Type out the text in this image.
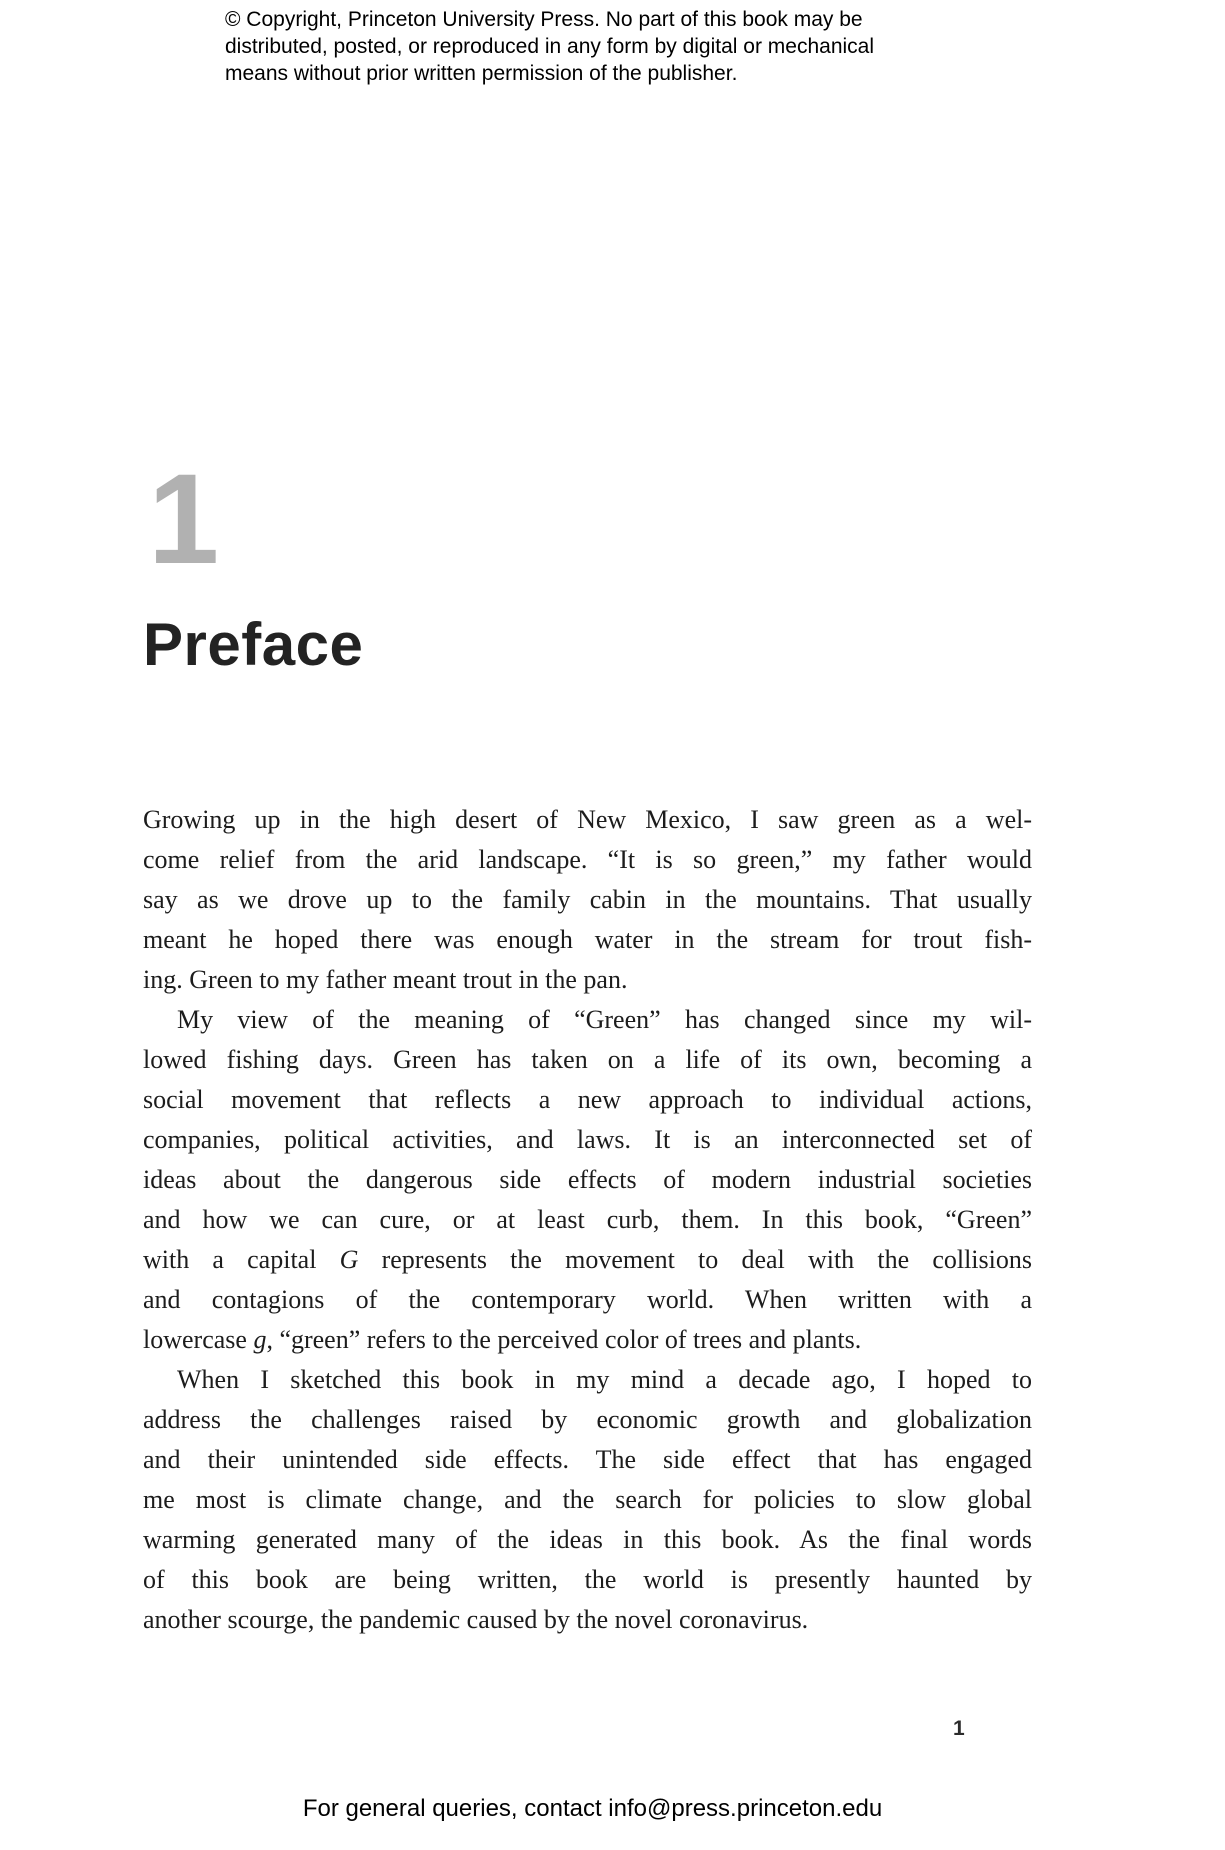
© Copyright, Princeton University Press. No part of this book may be
distributed, posted, or reproduced in any form by digital or mechanical
means without prior written permission of the publisher.
1
Preface
Growing up in the high desert of New Mexico, I saw green as a wel-
come relief from the arid landscape. “It is so green,” my father would
say as we drove up to the family cabin in the mountains. That usually
meant he hoped there was enough water in the stream for trout fish-
ing. Green to my father meant trout in the pan.
My view of the meaning of “Green” has changed since my wil-
lowed fishing days. Green has taken on a life of its own, becoming a
social movement that reflects a new approach to individual actions,
companies, political activities, and laws. It is an interconnected set of
ideas about the dangerous side effects of modern industrial societies
and how we can cure, or at least curb, them. In this book, “Green”
with a capital G represents the movement to deal with the collisions
and contagions of the contemporary world. When written with a
lowercase g, “green” refers to the perceived color of trees and plants.
When I sketched this book in my mind a decade ago, I hoped to
address the challenges raised by economic growth and globalization
and their unintended side effects. The side effect that has engaged
me most is climate change, and the search for policies to slow global
warming generated many of the ideas in this book. As the final words
of this book are being written, the world is presently haunted by
another scourge, the pandemic caused by the novel coronavirus.
1
For general queries, contact info@press.princeton.edu
